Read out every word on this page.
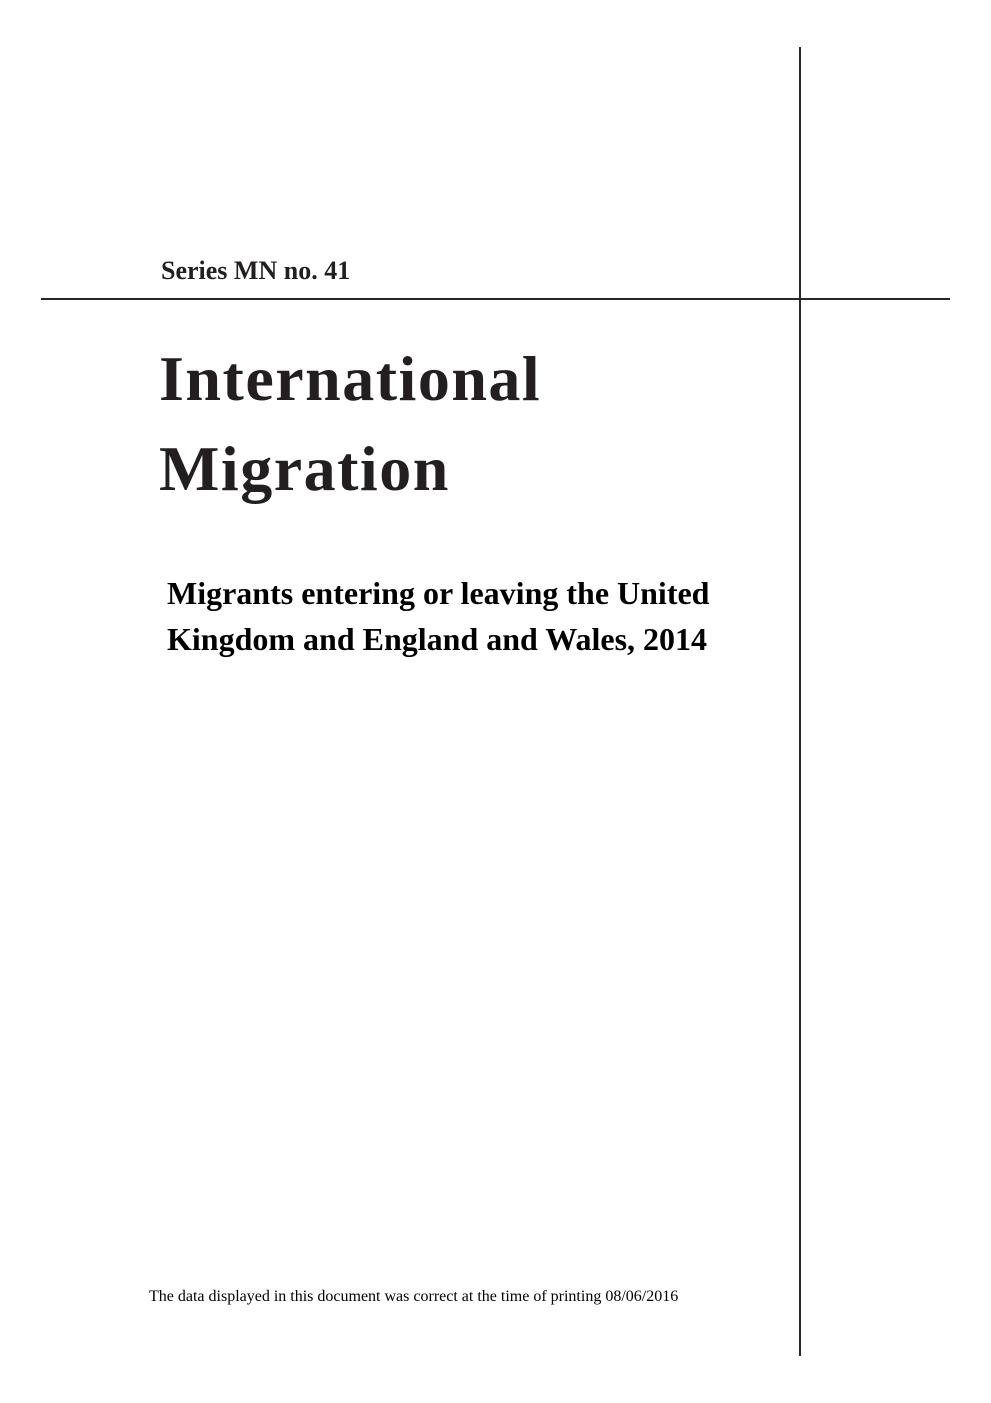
Series MN no. 41
International
Migration
Migrants entering or leaving the United
Kingdom and England and Wales, 2014
The data displayed in this document was correct at the time of printing 08/06/2016
